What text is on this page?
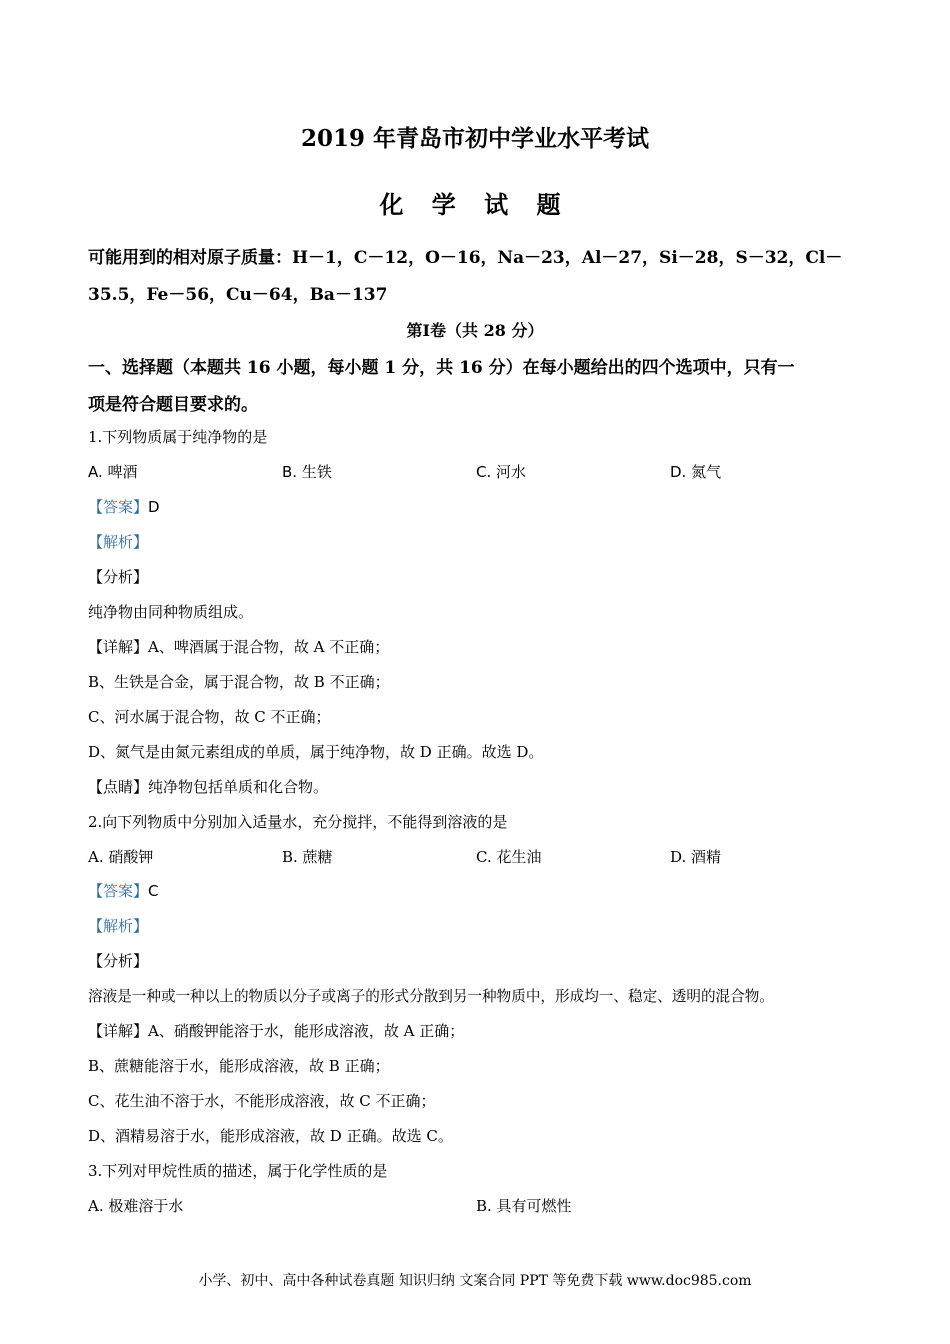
2019 年青岛市初中学业水平考试
化 学 试 题
可能用到的相对原子质量：H－1，C－12，O－16，Na－23，Al－27，Si－28，S－32，Cl－
35.5，Fe－56，Cu－64，Ba－137
第Ⅰ卷（共 28 分）
一、选择题（本题共 16 小题，每小题 1 分，共 16 分）在每小题给出的四个选项中，只有一
项是符合题目要求的。
1.下列物质属于纯净物的是
A. 啤酒	B. 生铁	C. 河水	D. 氮气
【答案】D
【解析】
【分析】
纯净物由同种物质组成。
【详解】A、啤酒属于混合物，故 A 不正确；
B、生铁是合金，属于混合物，故 B 不正确；
C、河水属于混合物，故 C 不正确；
D、氮气是由氮元素组成的单质，属于纯净物，故 D 正确。故选 D。
【点睛】纯净物包括单质和化合物。
2.向下列物质中分别加入适量水，充分搅拌，不能得到溶液的是
A. 硝酸钾	B. 蔗糖	C. 花生油	D. 酒精
【答案】C
【解析】
【分析】
溶液是一种或一种以上的物质以分子或离子的形式分散到另一种物质中，形成均一、稳定、透明的混合物。
【详解】A、硝酸钾能溶于水，能形成溶液，故 A 正确；
B、蔗糖能溶于水，能形成溶液，故 B 正确；
C、花生油不溶于水，不能形成溶液，故 C 不正确；
D、酒精易溶于水，能形成溶液，故 D 正确。故选 C。
3.下列对甲烷性质的描述，属于化学性质的是
A. 极难溶于水	B. 具有可燃性
小学、初中、高中各种试卷真题 知识归纳 文案合同 PPT 等免费下载 www.doc985.com
